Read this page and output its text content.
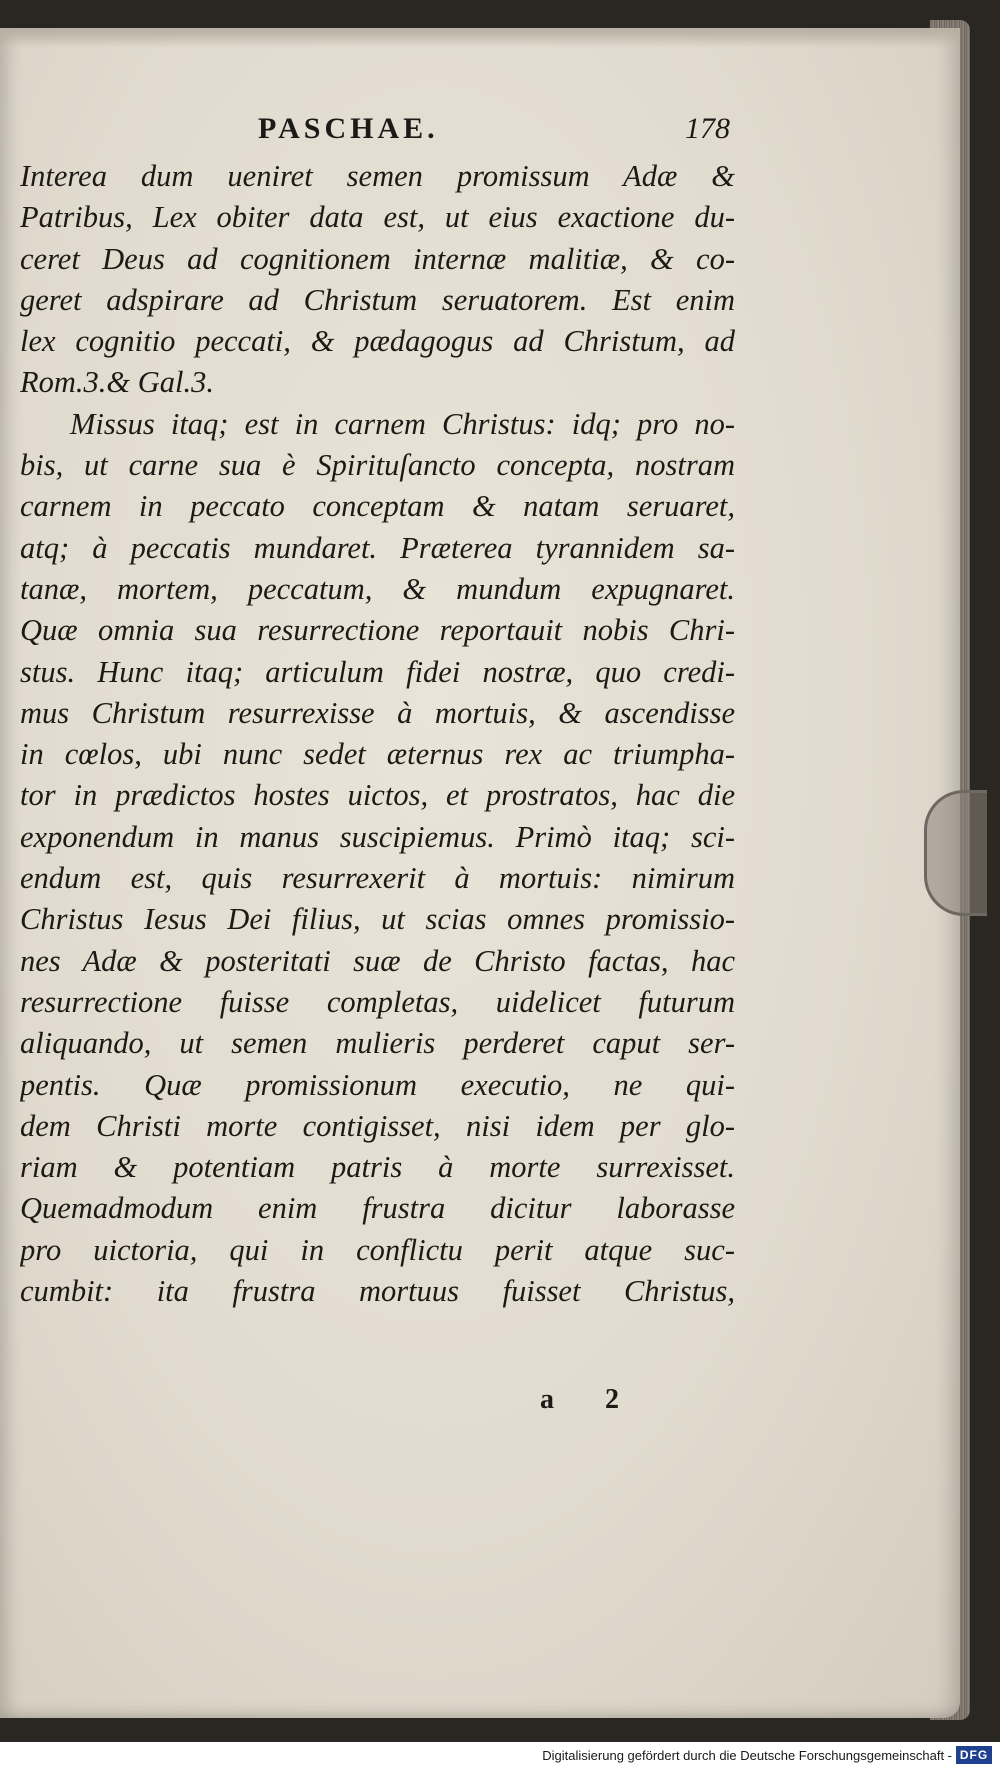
PASCHAE.	178
Interea dum ueniret semen promissum Adæ &
Patribus, Lex obiter data est, ut eius exactione du-
ceret Deus ad cognitionem internæ malitiæ, & co-
geret adspirare ad Christum seruatorem. Est enim
lex cognitio peccati, & pædagogus ad Christum, ad
Rom.3.& Gal.3.
Missus itaq; est in carnem Christus: idq; pro no-
bis, ut carne sua è Spirituſancto concepta, nostram
carnem in peccato conceptam & natam seruaret,
atq; à peccatis mundaret. Præterea tyrannidem sa-
tanæ, mortem, peccatum, & mundum expugnaret.
Quæ omnia sua resurrectione reportauit nobis Chri-
stus. Hunc itaq; articulum fidei nostræ, quo credi-
mus Christum resurrexisse à mortuis, & ascendisse
in cœlos, ubi nunc sedet æternus rex ac triumpha-
tor in prædictos hostes uictos, et prostratos, hac die
exponendum in manus suscipiemus. Primò itaq; sci-
endum est, quis resurrexerit à mortuis: nimirum
Christus Iesus Dei filius, ut scias omnes promissio-
nes Adæ & posteritati suæ de Christo factas, hac
resurrectione fuisse completas, uidelicet futurum
aliquando, ut semen mulieris perderet caput ser-
pentis. Quæ promissionum executio, ne qui-
dem Christi morte contigisset, nisi idem per glo-
riam & potentiam patris à morte surrexisset.
Quemadmodum enim frustra dicitur laborasse
pro uictoria, qui in conflictu perit atque suc-
cumbit: ita frustra mortuus fuisset Christus,
a 2
Digitalisierung gefördert durch die Deutsche Forschungsgemeinschaft - DFG
